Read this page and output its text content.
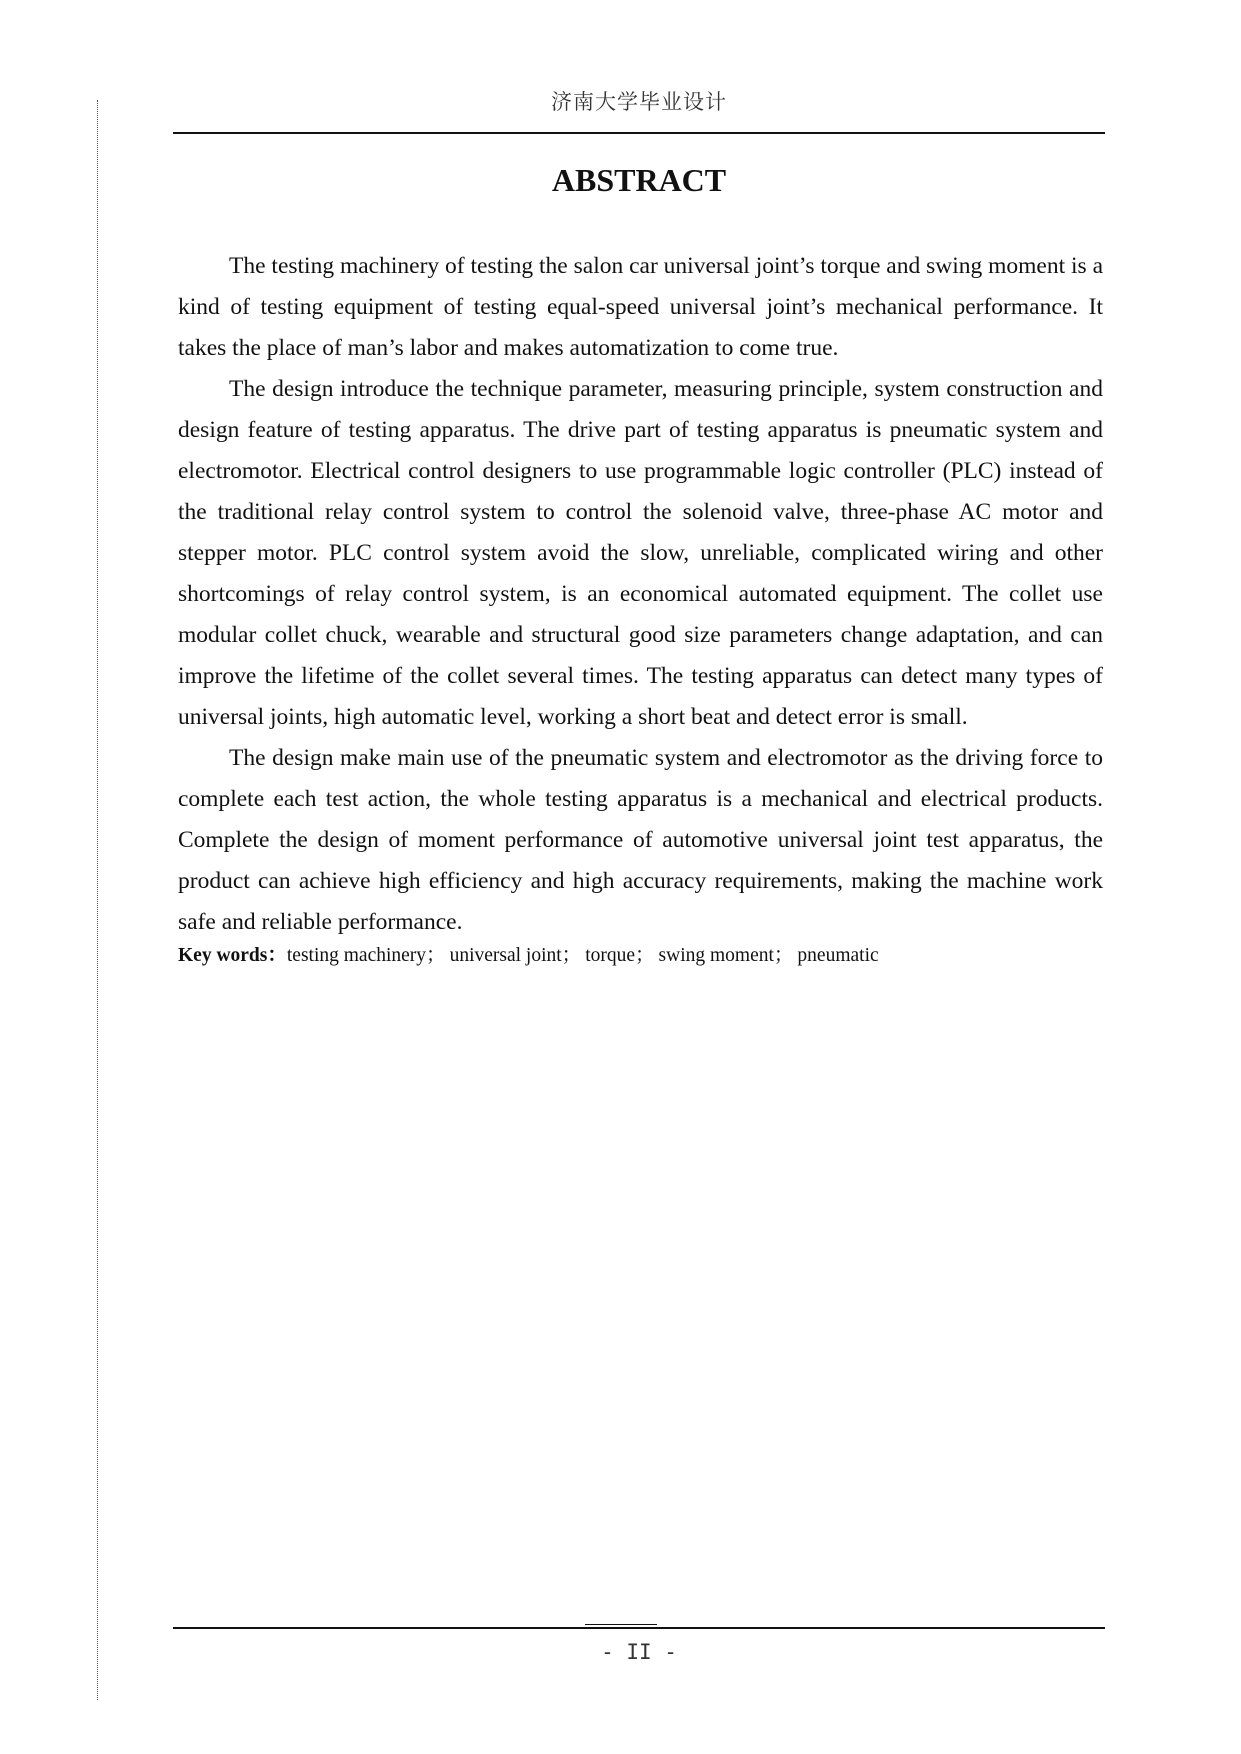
济南大学毕业设计
ABSTRACT

The testing machinery of testing the salon car universal joint’s torque and swing moment is a kind of testing equipment of testing equal-speed universal joint’s mechanical performance. It takes the place of man’s labor and makes automatization to come true.

The design introduce the technique parameter, measuring principle, system construction and design feature of testing apparatus. The drive part of testing apparatus is pneumatic system and electromotor. Electrical control designers to use programmable logic controller (PLC) instead of the traditional relay control system to control the solenoid valve, three-phase AC motor and stepper motor. PLC control system avoid the slow, unreliable, complicated wiring and other shortcomings of relay control system, is an economical automated equipment. The collet use modular collet chuck, wearable and structural good size parameters change adaptation, and can improve the lifetime of the collet several times. The testing apparatus can detect many types of universal joints, high automatic level, working a short beat and detect error is small.

The design make main use of the pneumatic system and electromotor as the driving force to complete each test action, the whole testing apparatus is a mechanical and electrical products. Complete the design of moment performance of automotive universal joint test apparatus, the product can achieve high efficiency and high accuracy requirements, making the machine work safe and reliable performance.

Key words：testing machinery； universal joint； torque； swing moment； pneumatic
- II -
